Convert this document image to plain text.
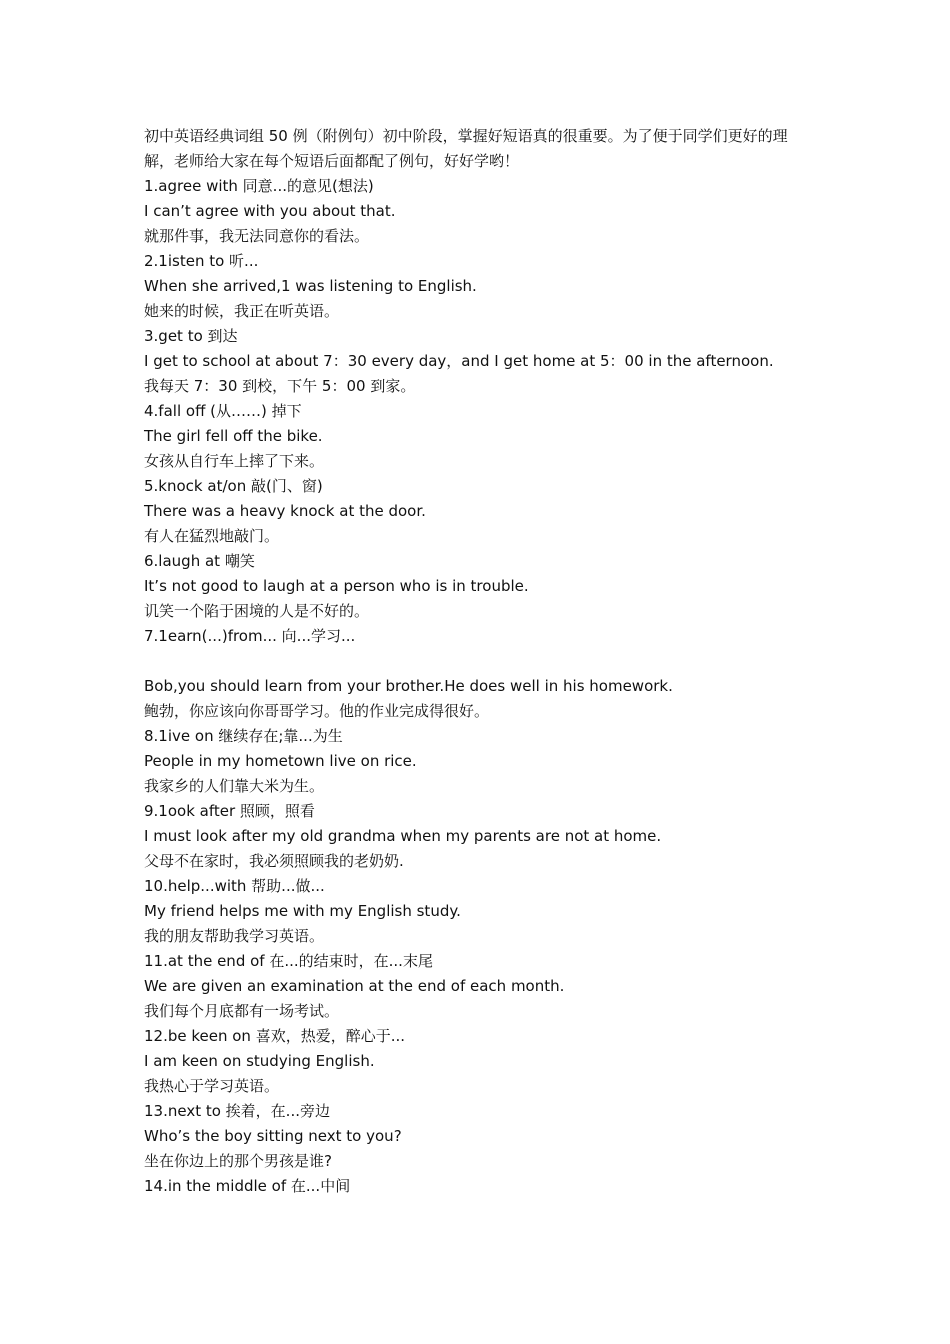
初中英语经典词组 50 例（附例句）初中阶段，掌握好短语真的很重要。为了便于同学们更好的理
解，老师给大家在每个短语后面都配了例句，好好学哟！
1.agree with 同意...的意见(想法)
I can’t agree with you about that.
就那件事，我无法同意你的看法。
2.1isten to 听...
When she arrived,1 was listening to English.
她来的时候，我正在听英语。
3.get to 到达
I get to school at about 7：30 every day，and I get home at 5：00 in the afternoon.
我每天 7：30 到校，下午 5：00 到家。
4.fall off (从……) 掉下
The girl fell off the bike.
女孩从自行车上摔了下来。
5.knock at/on 敲(门、窗)
There was a heavy knock at the door.
有人在猛烈地敲门。
6.laugh at 嘲笑
It’s not good to laugh at a person who is in trouble.
讥笑一个陷于困境的人是不好的。
7.1earn(...)from... 向...学习...
Bob,you should learn from your brother.He does well in his homework.
鲍勃，你应该向你哥哥学习。他的作业完成得很好。
8.1ive on 继续存在;靠...为生
People in my hometown live on rice.
我家乡的人们靠大米为生。
9.1ook after 照顾，照看
I must look after my old grandma when my parents are not at home.
父母不在家时，我必须照顾我的老奶奶.
10.help...with 帮助...做...
My friend helps me with my English study.
我的朋友帮助我学习英语。
11.at the end of 在...的结束时，在...末尾
We are given an examination at the end of each month.
我们每个月底都有一场考试。
12.be keen on 喜欢，热爱，醉心于...
I am keen on studying English.
我热心于学习英语。
13.next to 挨着，在...旁边
Who’s the boy sitting next to you?
坐在你边上的那个男孩是谁?
14.in the middle of 在...中间
